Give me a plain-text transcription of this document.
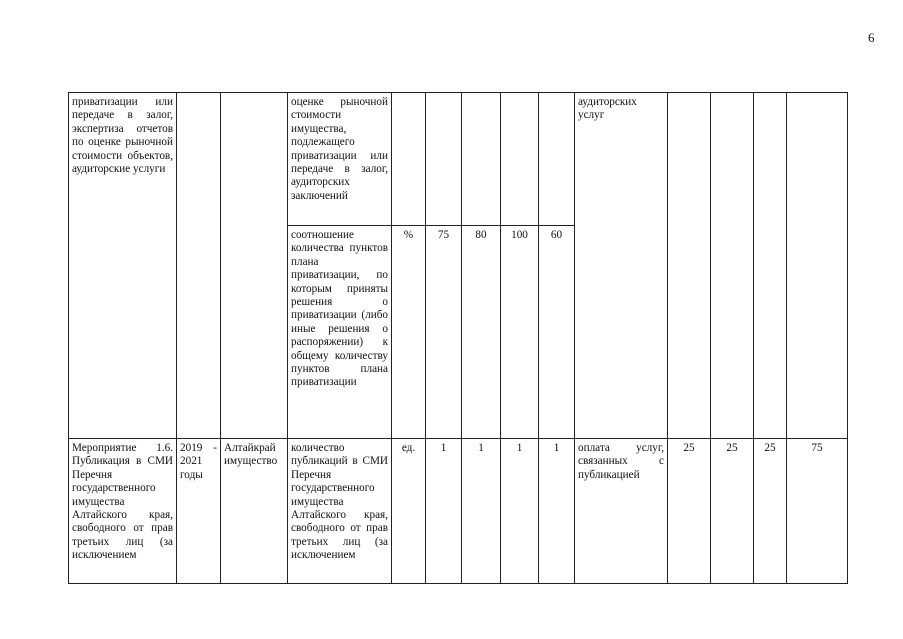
6
приватизации или передаче в залог, экспертиза отчетов по оценке рыночной стоимости объектов, аудиторские услуги			оценке рыночной стоимости имущества, подлежащего приватизации или передаче в залог, аудиторских заключений						аудиторских услуг				
			соотношение количества пунктов плана приватизации, по которым приняты решения о приватизации (либо иные решения о распоряжении) к общему количеству пунктов плана приватизации	%	75	80	100	60					
Мероприятие 1.6. Публикация в СМИ Перечня государственного имущества Алтайского края, свободного от прав третьих лиц (за исключением	2019 - 2021 годы	Алтайкрай имущество	количество публикаций в СМИ Перечня государственного имущества Алтайского края, свободного от прав третьих лиц (за исключением	ед.	1	1	1	1	оплата услуг, связанных с публикацией	25	25	25	75
